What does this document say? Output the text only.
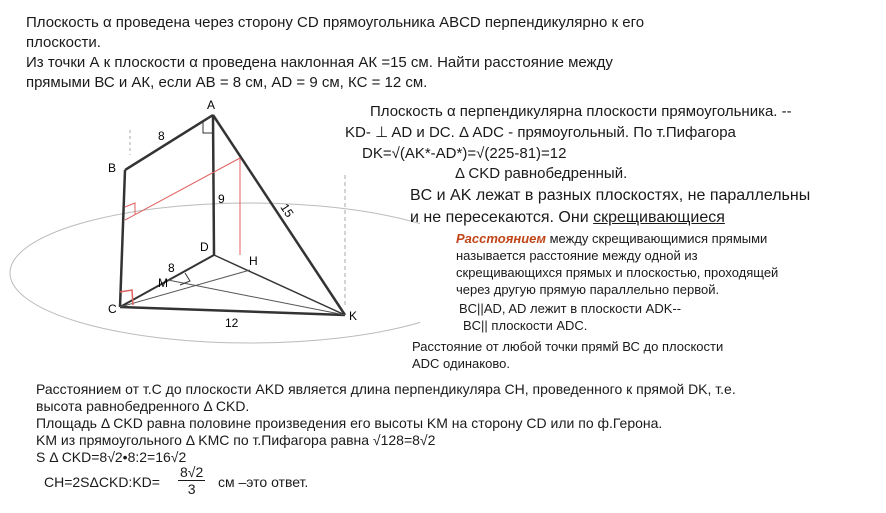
Плоскость α проведена через сторону CD прямоугольника ABCD перпендикулярно к его
плоскости.
Из точки А к плоскости α проведена наклонная АК =15 см. Найти расстояние между
прямыми ВС и АК, если АВ = 8 см, AD = 9 см, КС = 12 см.
A
B
C
D
H
K
M
8
9
15
8
12
Плоскость α перпендикулярна плоскости прямоугольника. --
KD- ⊥ AD и DC. Δ ADC - прямоугольный. По т.Пифагора
DK=√(AK*-AD*)=√(225-81)=12
Δ CKD равнобедренный.
BC и AK лежат в разных плоскостях, не параллельны
и не пересекаются. Они скрещивающиеся
Расстоянием между скрещивающимися прямыми
называется расстояние между одной из
скрещивающихся прямых и плоскостью, проходящей
через другую прямую параллельно первой.
BC||AD, AD лежит в плоскости ADK--
BC|| плоскости ADC.
Расстояние от любой точки прямй ВС до плоскости
ADC одинаково.
Расстоянием от т.С до плоскости AKD является длина перпендикуляра CH, проведенного к прямой DK, т.е.
высота равнобедренного Δ CKD.
Площадь Δ CKD равна половине произведения его высоты KM на сторону CD или по ф.Герона.
KM из прямоугольного Δ KMC по т.Пифагора равна √128=8√2
S Δ CKD=8√2•8:2=16√2
CH=2SΔCKD:KD= $\frac{8√2}{3}$ см –это ответ.
